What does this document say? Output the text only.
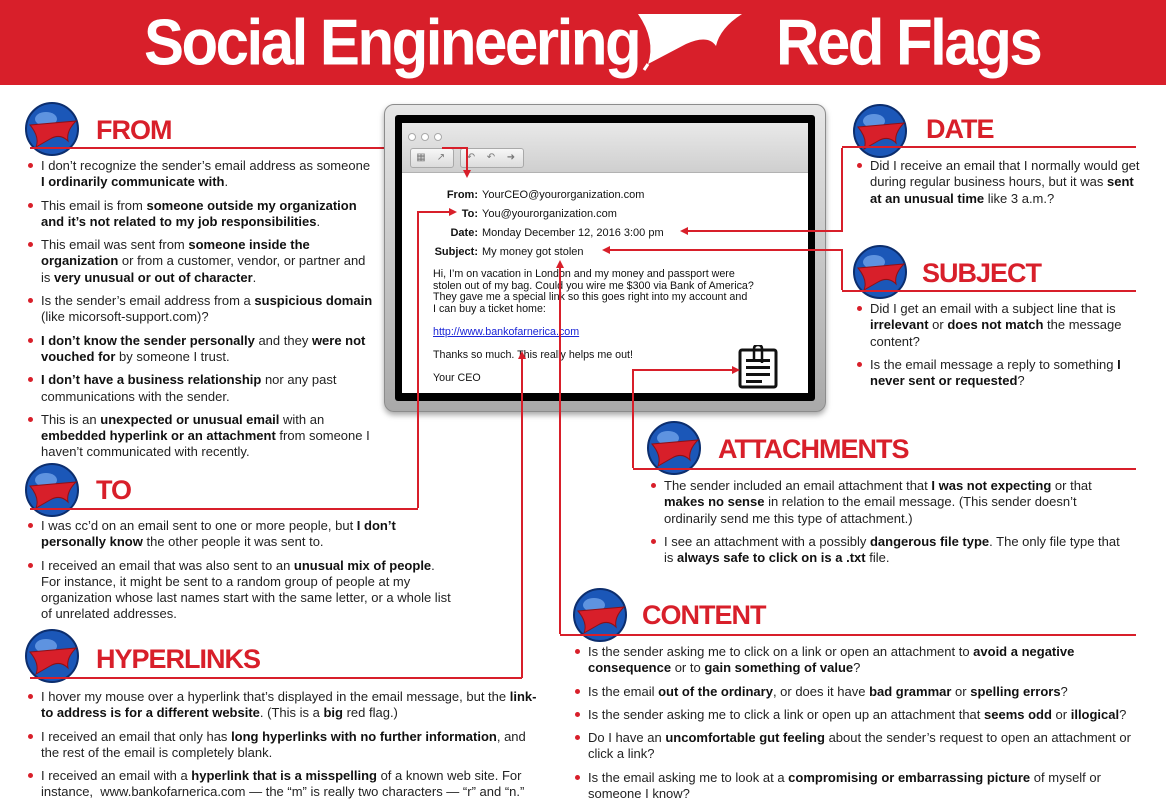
Social Engineering Red Flags
FROM
TO
HYPERLINKS
DATE
SUBJECT
ATTACHMENTS
CONTENT
I don’t recognize the sender’s email address as someone I ordinarily communicate with.
This email is from someone outside my organization and it’s not related to my job responsibilities.
This email was sent from someone inside the organization or from a customer, vendor, or partner and is very unusual or out of character.
Is the sender’s email address from a suspicious domain (like micorsoft-support.com)?
I don’t know the sender personally and they were not vouched for by someone I trust.
I don’t have a business relationship nor any past communications with the sender.
This is an unexpected or unusual email with an embedded hyperlink or an attachment from someone I haven’t communicated with recently.
I was cc’d on an email sent to one or more people, but I don’t personally know the other people it was sent to.
I received an email that was also sent to an unusual mix of people. For instance, it might be sent to a random group of people at my organization whose last names start with the same letter, or a whole list of unrelated addresses.
I hover my mouse over a hyperlink that’s displayed in the email message, but the link-to address is for a different website. (This is a big red flag.)
I received an email that only has long hyperlinks with no further information, and the rest of the email is completely blank.
I received an email with a hyperlink that is a misspelling of a known web site. For instance,  www.bankofarnerica.com — the “m” is really two characters — “r” and “n.”
Did I receive an email that I normally would get during regular business hours, but it was sent at an unusual time like 3 a.m.?
Did I get an email with a subject line that is irrelevant or does not match the message content?
Is the email message a reply to something I never sent or requested?
The sender included an email attachment that I was not expecting or that makes no sense in relation to the email message. (This sender doesn’t ordinarily send me this type of attachment.)
I see an attachment with a possibly dangerous file type. The only file type that is always safe to click on is a .txt file.
Is the sender asking me to click on a link or open an attachment to avoid a negative consequence or to gain something of value?
Is the email out of the ordinary, or does it have bad grammar or spelling errors?
Is the sender asking me to click a link or open up an attachment that seems odd or illogical?
Do I have an uncomfortable gut feeling about the sender’s request to open an attachment or click a link?
Is the email asking me to look at a compromising or embarrassing picture of myself or someone I know?
▦ ↗	↶ ↶ ➜
From: YourCEO@yourorganization.com
To: You@yourorganization.com
Date: Monday December 12, 2016 3:00 pm
Subject: My money got stolen
Hi, I’m on vacation in London and my money and passport were
stolen out of my bag. Could you wire me $300 via Bank of America?
They gave me a special link so this goes right into my account and
I can buy a ticket home:
http://www.bankofarnerica.com
Thanks so much. This really helps me out!
Your CEO
